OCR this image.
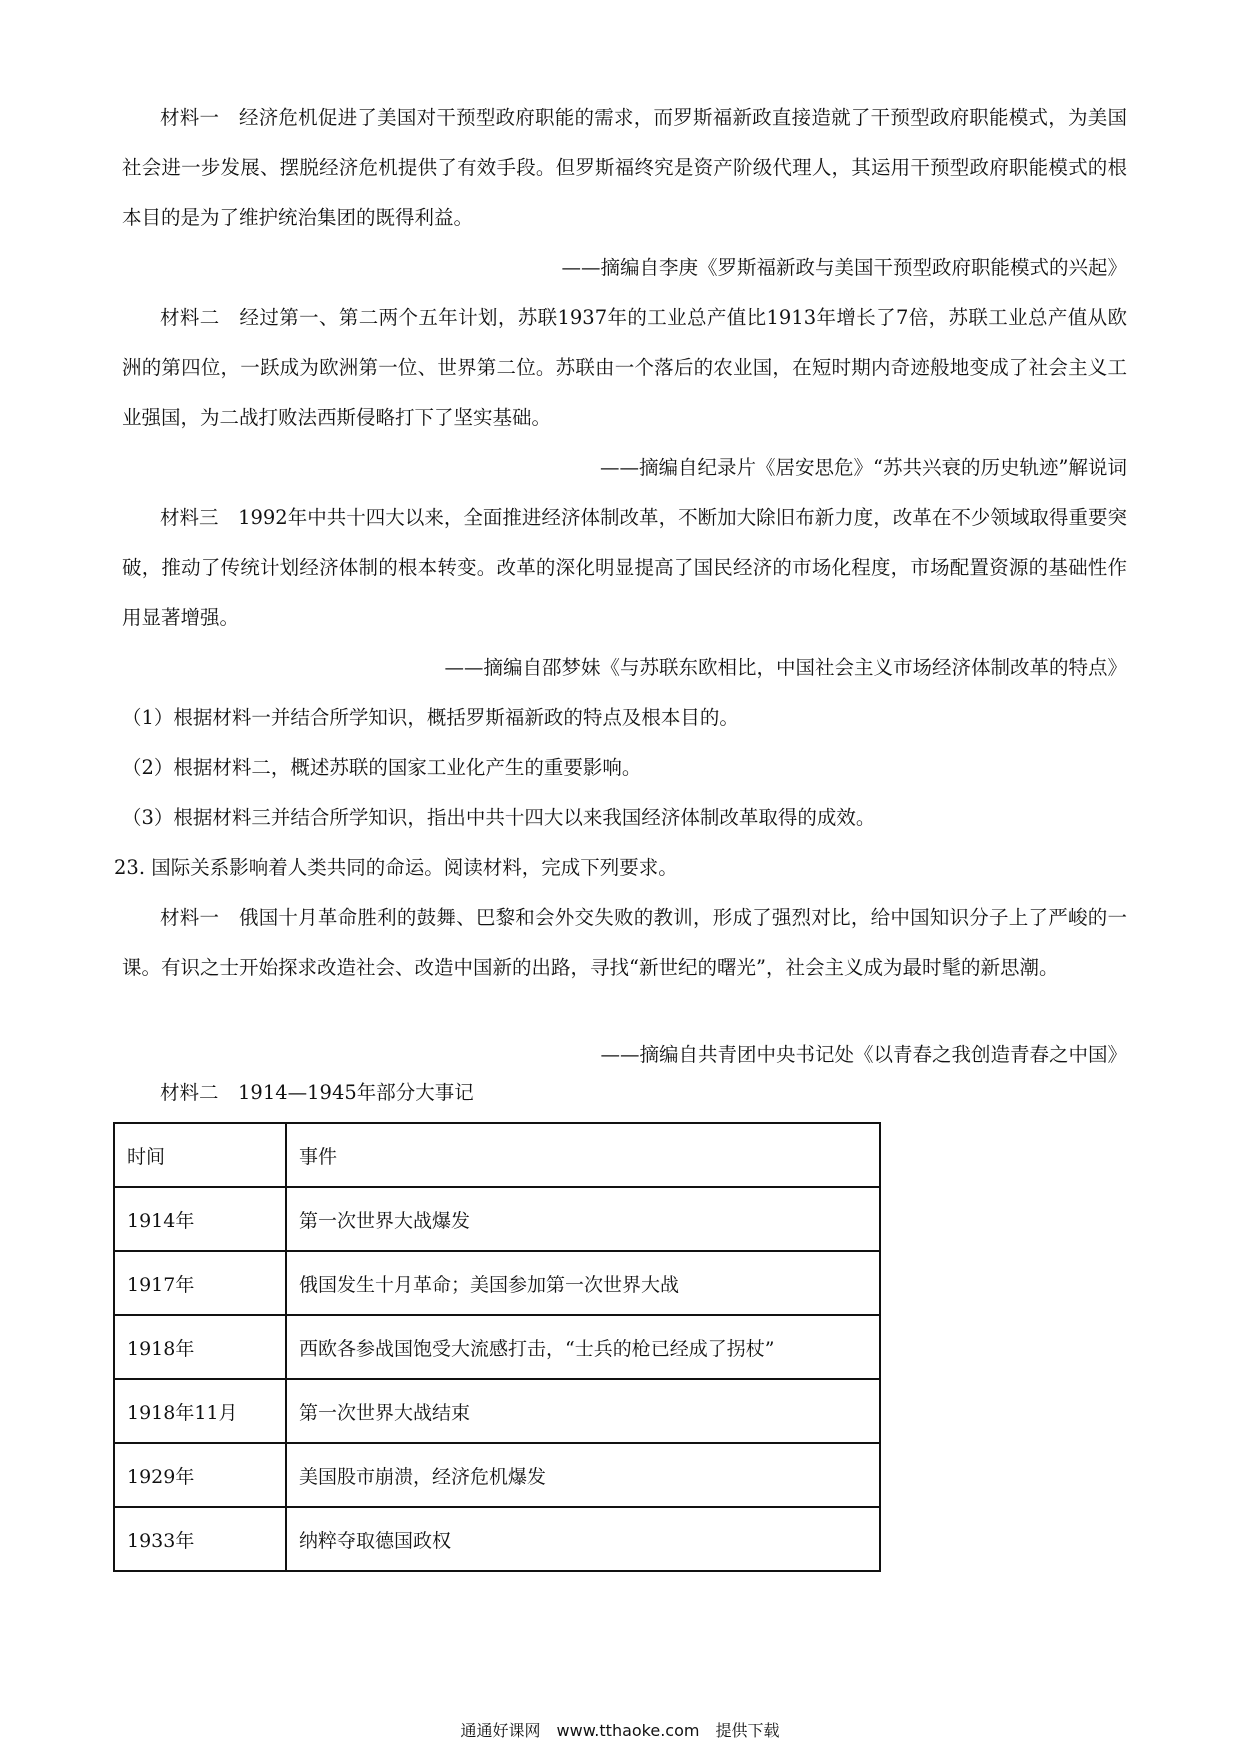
材料一　经济危机促进了美国对干预型政府职能的需求，而罗斯福新政直接造就了干预型政府职能模式，为美国社会进一步发展、摆脱经济危机提供了有效手段。但罗斯福终究是资产阶级代理人，其运用干预型政府职能模式的根本目的是为了维护统治集团的既得利益。

——摘编自李庚《罗斯福新政与美国干预型政府职能模式的兴起》

材料二　经过第一、第二两个五年计划，苏联1937年的工业总产值比1913年增长了7倍，苏联工业总产值从欧洲的第四位，一跃成为欧洲第一位、世界第二位。苏联由一个落后的农业国，在短时期内奇迹般地变成了社会主义工业强国，为二战打败法西斯侵略打下了坚实基础。

——摘编自纪录片《居安思危》“苏共兴衰的历史轨迹”解说词

材料三　1992年中共十四大以来，全面推进经济体制改革，不断加大除旧布新力度，改革在不少领域取得重要突破，推动了传统计划经济体制的根本转变。改革的深化明显提高了国民经济的市场化程度，市场配置资源的基础性作用显著增强。

——摘编自邵梦妹《与苏联东欧相比，中国社会主义市场经济体制改革的特点》

（1）根据材料一并结合所学知识，概括罗斯福新政的特点及根本目的。

（2）根据材料二，概述苏联的国家工业化产生的重要影响。

（3）根据材料三并结合所学知识，指出中共十四大以来我国经济体制改革取得的成效。

23. 国际关系影响着人类共同的命运。阅读材料，完成下列要求。

材料一　俄国十月革命胜利的鼓舞、巴黎和会外交失败的教训，形成了强烈对比，给中国知识分子上了严峻的一课。有识之士开始探求改造社会、改造中国新的出路，寻找“新世纪的曙光”，社会主义成为最时髦的新思潮。

——摘编自共青团中央书记处《以青春之我创造青春之中国》

材料二　1914—1945年部分大事记

时间	事件
1914年	第一次世界大战爆发
1917年	俄国发生十月革命；美国参加第一次世界大战
1918年	西欧各参战国饱受大流感打击，“士兵的枪已经成了拐杖”
1918年11月	第一次世界大战结束
1929年	美国股市崩溃，经济危机爆发
1933年	纳粹夺取德国政权

通通好课网　www.tthaoke.com　提供下载
